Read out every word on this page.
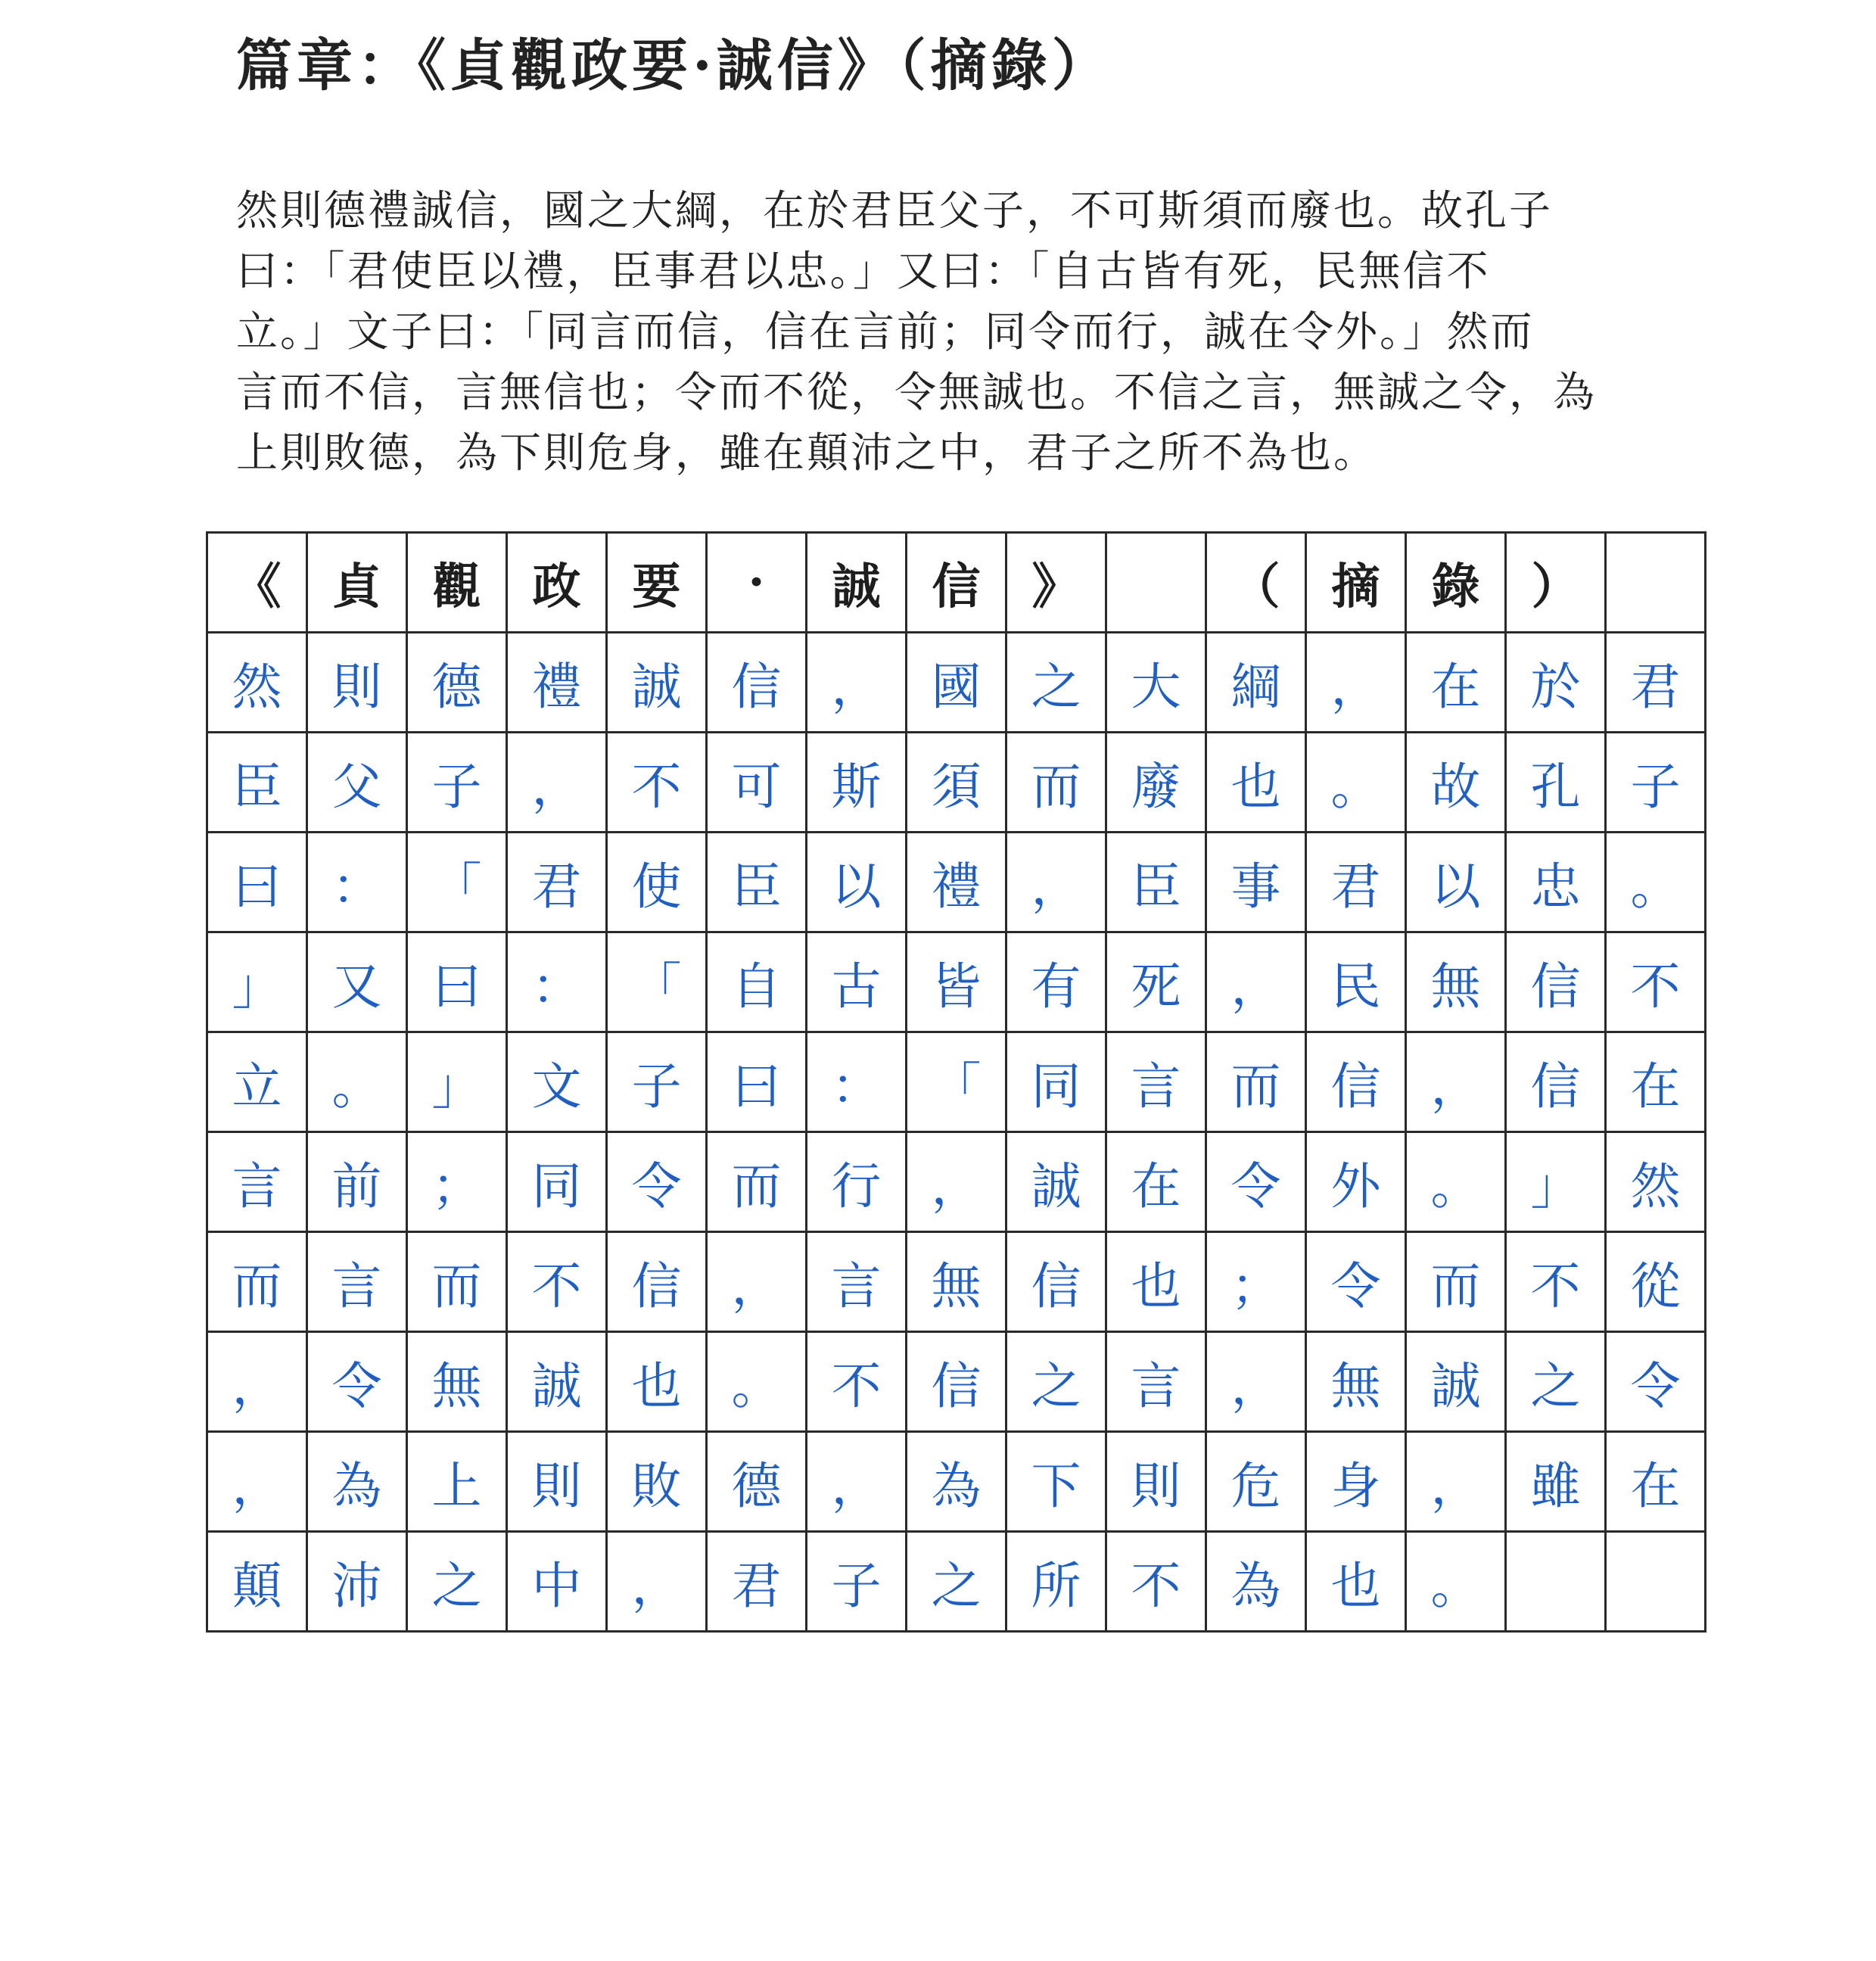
篇章：《貞觀政要·誠信》（摘錄）
然則德禮誠信，國之大綱，在於君臣父子，不可斯須而廢也。故孔子
曰：「君使臣以禮，臣事君以忠。」又曰：「自古皆有死，民無信不
立。」文子曰：「同言而信，信在言前；同令而行，誠在令外。」然而
言而不信，言無信也；令而不從，令無誠也。不信之言，無誠之令，為
上則敗德，為下則危身，雖在顛沛之中，君子之所不為也。
《	貞	觀	政	要	·	誠	信	》		（	摘	錄	）	
然	則	德	禮	誠	信	，	國	之	大	綱	，	在	於	君
臣	父	子	，	不	可	斯	須	而	廢	也	。	故	孔	子
曰	：	「	君	使	臣	以	禮	，	臣	事	君	以	忠	。
」	又	曰	：	「	自	古	皆	有	死	，	民	無	信	不
立	。	」	文	子	曰	：	「	同	言	而	信	，	信	在
言	前	；	同	令	而	行	，	誠	在	令	外	。	」	然
而	言	而	不	信	，	言	無	信	也	；	令	而	不	從
，	令	無	誠	也	。	不	信	之	言	，	無	誠	之	令
，	為	上	則	敗	德	，	為	下	則	危	身	，	雖	在
顛	沛	之	中	，	君	子	之	所	不	為	也	。		
